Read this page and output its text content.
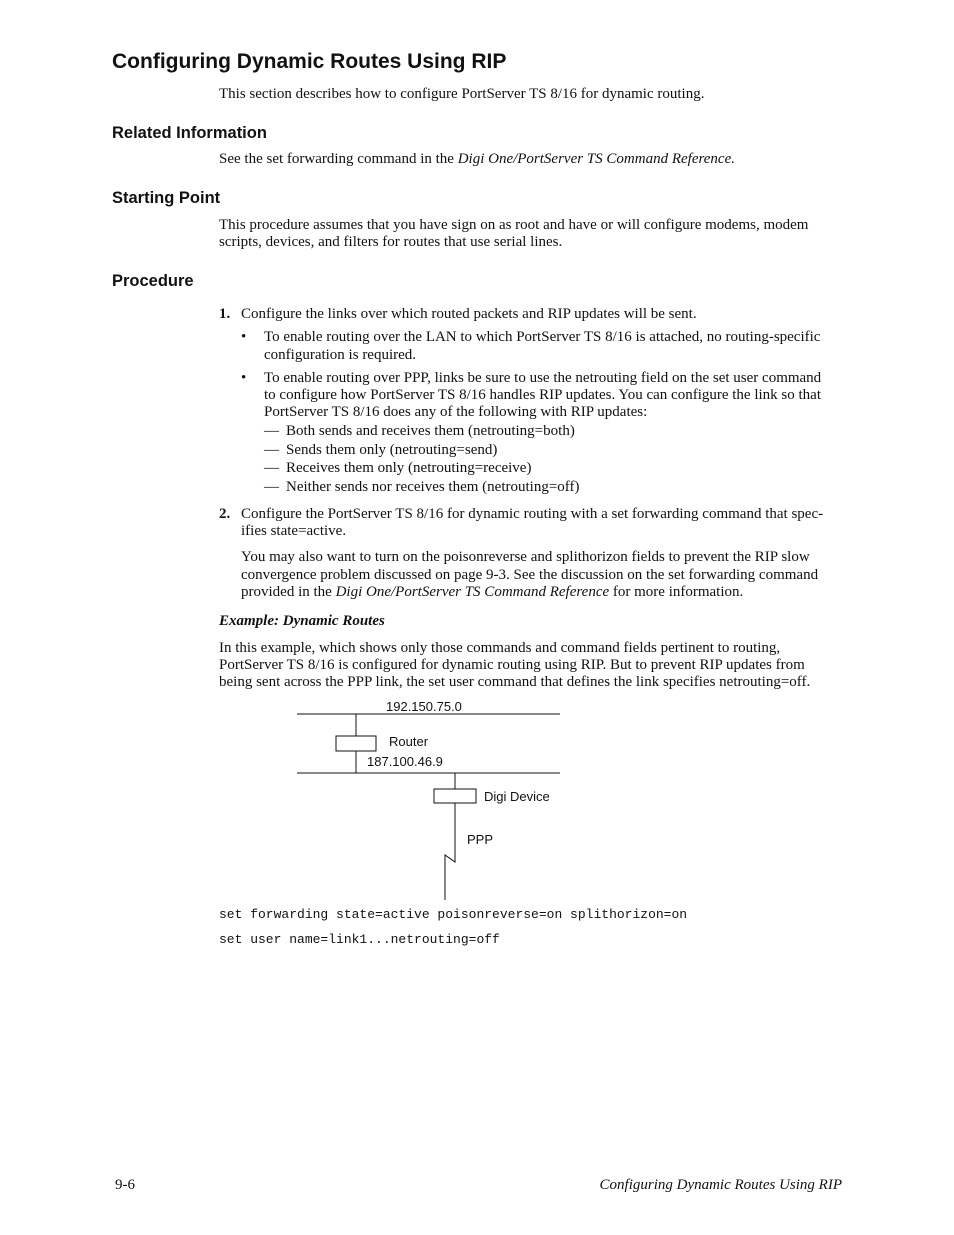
Configuring Dynamic Routes Using RIP
This section describes how to configure PortServer TS 8/16 for dynamic routing.
Related Information
See the set forwarding command in the Digi One/PortServer TS Command Reference.
Starting Point
This procedure assumes that you have sign on as root and have or will configure modems, modem
scripts, devices, and filters for routes that use serial lines.
Procedure
1. Configure the links over which routed packets and RIP updates will be sent.
• To enable routing over the LAN to which PortServer TS 8/16 is attached, no routing-specific
configuration is required.
• To enable routing over PPP, links be sure to use the netrouting field on the set user command
to configure how PortServer TS 8/16 handles RIP updates. You can configure the link so that
PortServer TS 8/16 does any of the following with RIP updates:
— Both sends and receives them (netrouting=both)
— Sends them only (netrouting=send)
— Receives them only (netrouting=receive)
— Neither sends nor receives them (netrouting=off)
2. Configure the PortServer TS 8/16 for dynamic routing with a set forwarding command that spec-
ifies state=active.
You may also want to turn on the poisonreverse and splithorizon fields to prevent the RIP slow
convergence problem discussed on page 9-3. See the discussion on the set forwarding command
provided in the Digi One/PortServer TS Command Reference for more information.
Example: Dynamic Routes
In this example, which shows only those commands and command fields pertinent to routing,
PortServer TS 8/16 is configured for dynamic routing using RIP. But to prevent RIP updates from
being sent across the PPP link, the set user command that defines the link specifies netrouting=off.
192.150.75.0
Router
187.100.46.9
Digi Device
PPP
set forwarding state=active poisonreverse=on splithorizon=on
set user name=link1...netrouting=off
9-6	Configuring Dynamic Routes Using RIP
